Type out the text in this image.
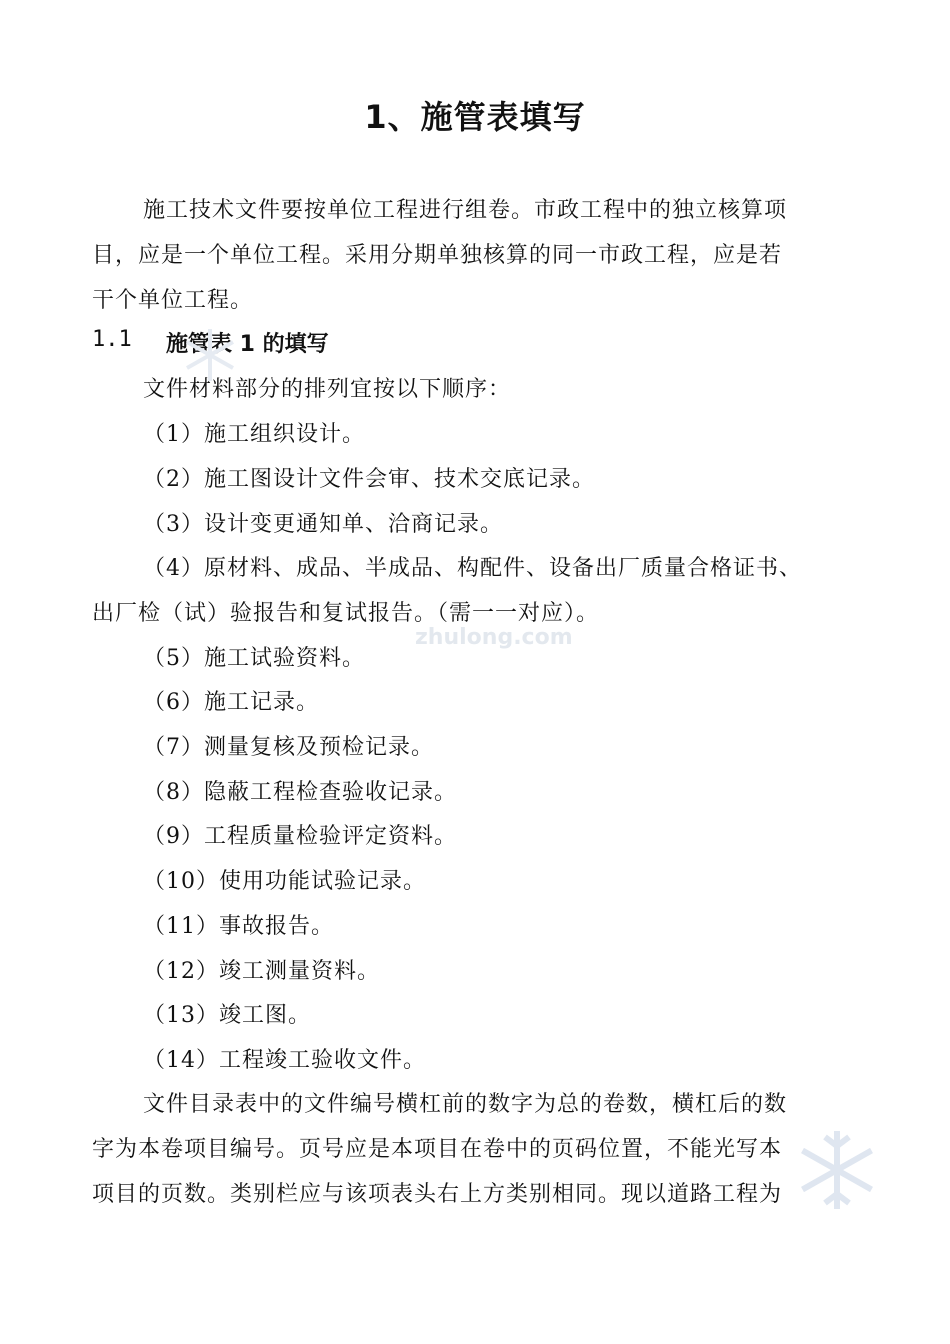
1、施管表填写
施工技术文件要按单位工程进行组卷。市政工程中的独立核算项
目，应是一个单位工程。采用分期单独核算的同一市政工程，应是若
干个单位工程。
1.1 施管表 1 的填写
文件材料部分的排列宜按以下顺序：
（1）施工组织设计。
（2）施工图设计文件会审、技术交底记录。
（3）设计变更通知单、洽商记录。
（4）原材料、成品、半成品、构配件、设备出厂质量合格证书、
出厂检（试）验报告和复试报告。（需一一对应）。
（5）施工试验资料。
（6）施工记录。
（7）测量复核及预检记录。
（8）隐蔽工程检查验收记录。
（9）工程质量检验评定资料。
（10）使用功能试验记录。
（11）事故报告。
（12）竣工测量资料。
（13）竣工图。
（14）工程竣工验收文件。
文件目录表中的文件编号横杠前的数字为总的卷数，横杠后的数
字为本卷项目编号。页号应是本项目在卷中的页码位置，不能光写本
项目的页数。类别栏应与该项表头右上方类别相同。现以道路工程为
zhulong.com
